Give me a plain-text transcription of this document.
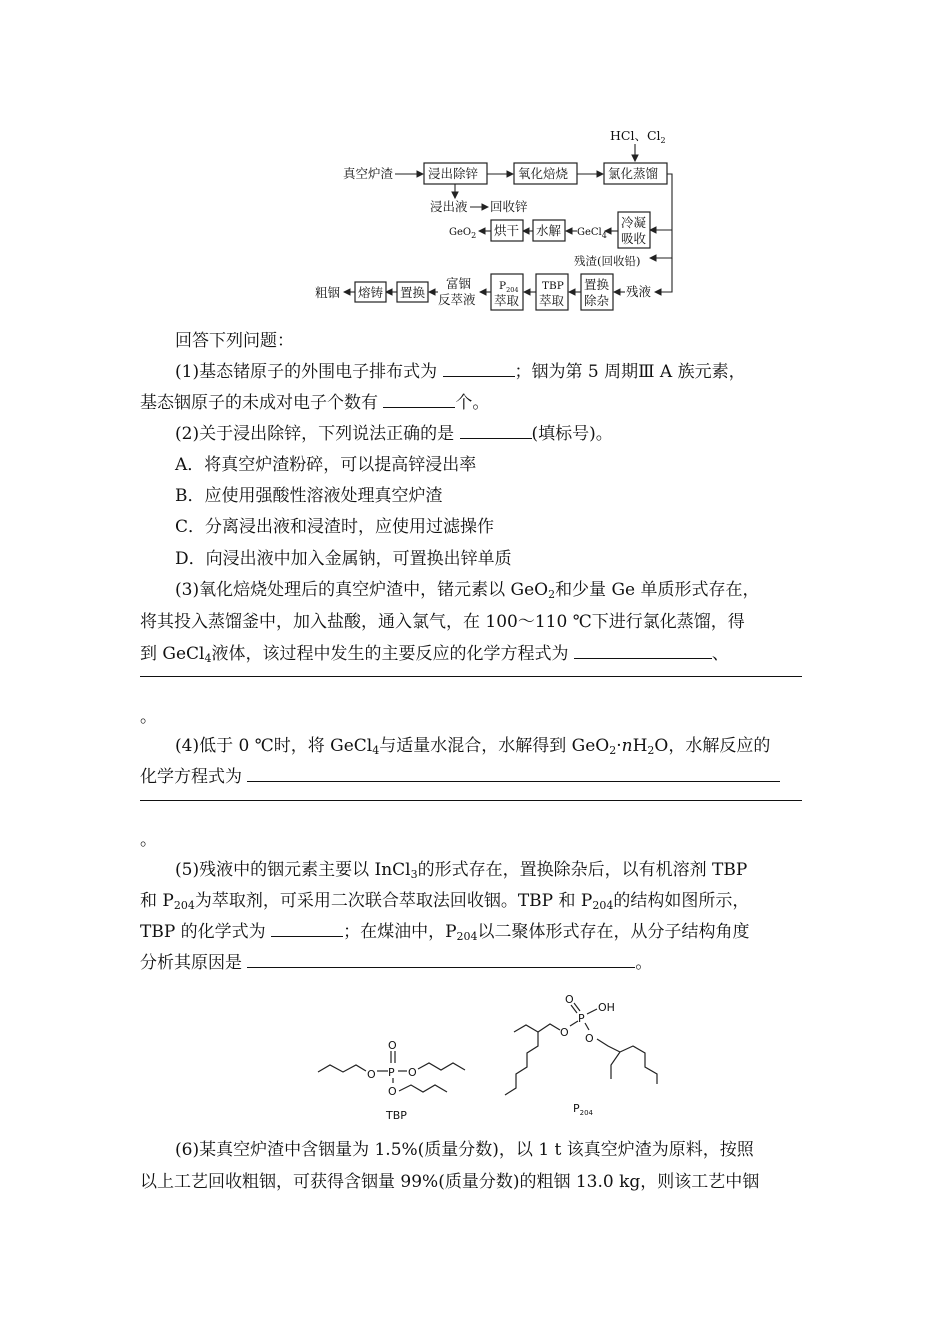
HCl、$Cl_2$
真空炉渣	浸出除锌	氧化焙烧	氯化蒸馏
浸出液 回收锌
冷凝
吸收
GeCl$_4$
水解
烘干
GeO$_2$
残渣(回收铅)
残液
置换
除杂
TBP
萃取
$P_{204}$
萃取
富铟
反萃液
置换
熔铸
粗铟
回答下列问题：
(1)基态锗原子的外围电子排布式为	；铟为第 5 周期Ⅲ A 族元素，
基态铟原子的未成对电子个数有	个。
(2)关于浸出除锌，下列说法正确的是	(填标号)。
A．将真空炉渣粉碎，可以提高锌浸出率
B．应使用强酸性溶液处理真空炉渣
C．分离浸出液和浸渣时，应使用过滤操作
D．向浸出液中加入金属钠，可置换出锌单质
(3)氧化焙烧处理后的真空炉渣中，锗元素以 GeO$_2$和少量 Ge 单质形式存在，
将其投入蒸馏釜中，加入盐酸，通入氯气，在 100～110 ℃下进行氯化蒸馏，得
到 GeCl$_4$液体，该过程中发生的主要反应的化学方程式为	、
。
(4)低于 0 ℃时，将 GeCl$_4$与适量水混合，水解得到 $GeO_2\cdot nH_2O$，水解反应的
化学方程式为
。
(5)残液中的铟元素主要以 InCl$_3$的形式存在，置换除杂后，以有机溶剂 TBP
和 $P_{204}$为萃取剂，可采用二次联合萃取法回收铟。TBP 和 $P_{204}$的结构如图所示，
TBP 的化学式为	；在煤油中，$P_{204}$以二聚体形式存在，从分子结构角度
分析其原因是	。
O P
O
O
O
TBP
O
P
OH
O O
$P_{204}$
(6)某真空炉渣中含铟量为 1.5%(质量分数)，以 1 t 该真空炉渣为原料，按照
以上工艺回收粗铟，可获得含铟量 99%(质量分数)的粗铟 13.0 kg，则该工艺中铟
